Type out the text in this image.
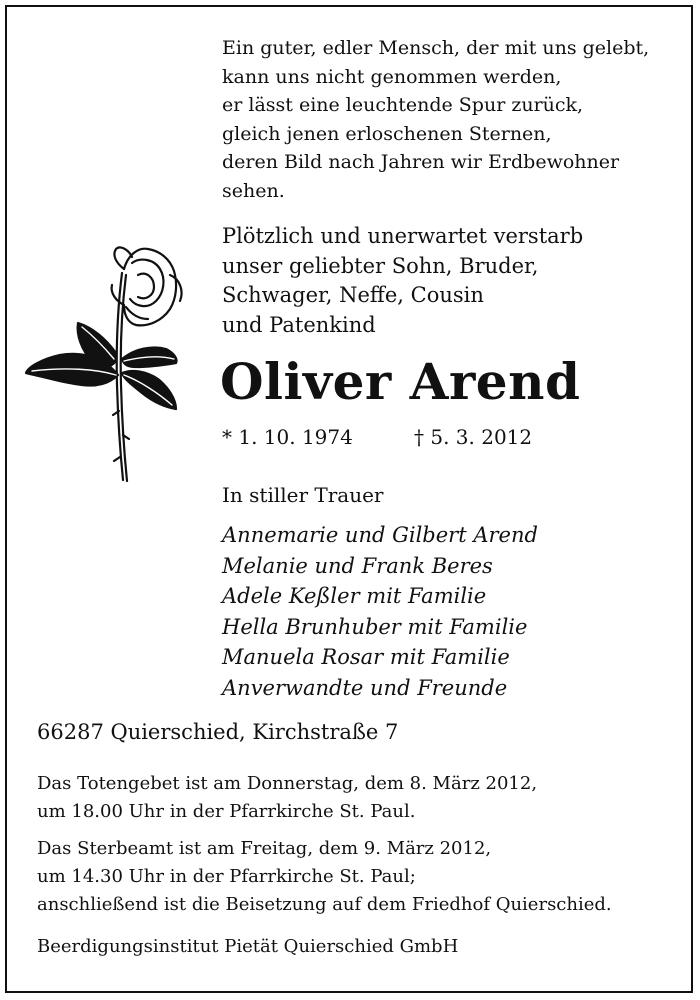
Ein guter, edler Mensch, der mit uns gelebt,
kann uns nicht genommen werden,
er lässt eine leuchtende Spur zurück,
gleich jenen erloschenen Sternen,
deren Bild nach Jahren wir Erdbewohner
sehen.
Plötzlich und unerwartet verstarb
unser geliebter Sohn, Bruder,
Schwager, Neffe, Cousin
und Patenkind
Oliver Arend
* 1. 10. 1974	† 5. 3. 2012
In stiller Trauer
Annemarie und Gilbert Arend
Melanie und Frank Beres
Adele Keßler mit Familie
Hella Brunhuber mit Familie
Manuela Rosar mit Familie
Anverwandte und Freunde
66287 Quierschied, Kirchstraße 7
Das Totengebet ist am Donnerstag, dem 8. März 2012,
um 18.00 Uhr in der Pfarrkirche St. Paul.
Das Sterbeamt ist am Freitag, dem 9. März 2012,
um 14.30 Uhr in der Pfarrkirche St. Paul;
anschließend ist die Beisetzung auf dem Friedhof Quierschied.
Beerdigungsinstitut Pietät Quierschied GmbH
